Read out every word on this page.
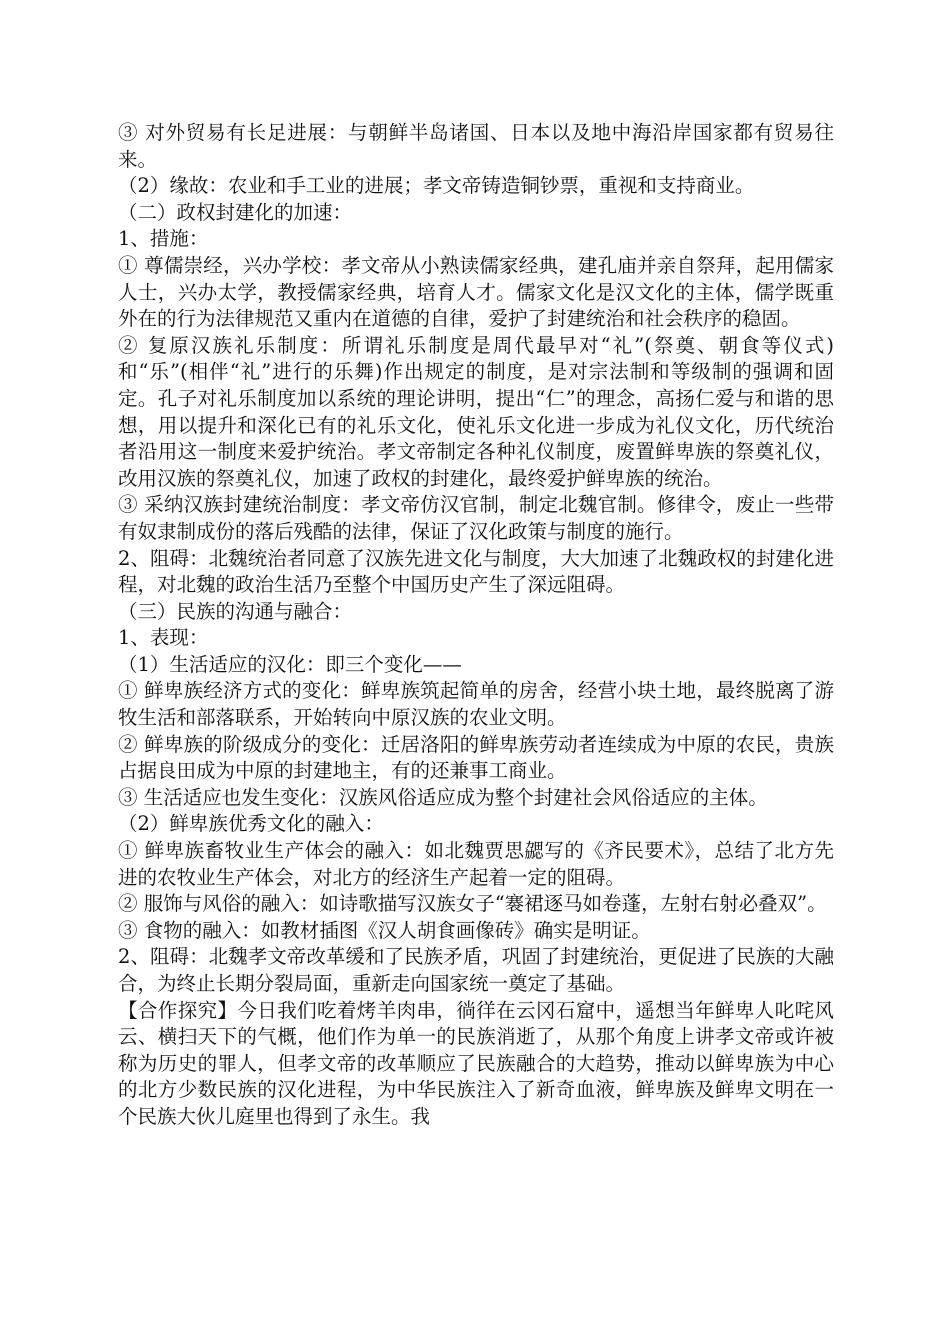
③ 对外贸易有长足进展：与朝鲜半岛诸国、日本以及地中海沿岸国家都有贸易往来。

（2）缘故：农业和手工业的进展；孝文帝铸造铜钞票，重视和支持商业。

（二）政权封建化的加速：

1、措施：

① 尊儒崇经，兴办学校：孝文帝从小熟读儒家经典，建孔庙并亲自祭拜，起用儒家人士，兴办太学，教授儒家经典，培育人才。儒家文化是汉文化的主体，儒学既重外在的行为法律规范又重内在道德的自律，爱护了封建统治和社会秩序的稳固。

② 复原汉族礼乐制度：所谓礼乐制度是周代最早对“礼”(祭奠、朝食等仪式)和“乐”(相伴“礼”进行的乐舞)作出规定的制度，是对宗法制和等级制的强调和固定。孔子对礼乐制度加以系统的理论讲明，提出“仁”的理念，高扬仁爱与和谐的思想，用以提升和深化已有的礼乐文化，使礼乐文化进一步成为礼仪文化，历代统治者沿用这一制度来爱护统治。孝文帝制定各种礼仪制度，废置鲜卑族的祭奠礼仪，改用汉族的祭奠礼仪，加速了政权的封建化，最终爱护鲜卑族的统治。

③ 采纳汉族封建统治制度：孝文帝仿汉官制，制定北魏官制。修律令，废止一些带有奴隶制成份的落后残酷的法律，保证了汉化政策与制度的施行。

2、阻碍：北魏统治者同意了汉族先进文化与制度，大大加速了北魏政权的封建化进程，对北魏的政治生活乃至整个中国历史产生了深远阻碍。

（三）民族的沟通与融合：

1、表现：

（1）生活适应的汉化：即三个变化——

① 鲜卑族经济方式的变化：鲜卑族筑起简单的房舍，经营小块土地，最终脱离了游牧生活和部落联系，开始转向中原汉族的农业文明。

② 鲜卑族的阶级成分的变化：迁居洛阳的鲜卑族劳动者连续成为中原的农民，贵族占据良田成为中原的封建地主，有的还兼事工商业。

③ 生活适应也发生变化：汉族风俗适应成为整个封建社会风俗适应的主体。

（2）鲜卑族优秀文化的融入：

① 鲜卑族畜牧业生产体会的融入：如北魏贾思勰写的《齐民要术》，总结了北方先进的农牧业生产体会，对北方的经济生产起着一定的阻碍。

② 服饰与风俗的融入：如诗歌描写汉族女子“褰裙逐马如卷蓬，左射右射必叠双”。

③ 食物的融入：如教材插图《汉人胡食画像砖》确实是明证。

2、阻碍：北魏孝文帝改革缓和了民族矛盾，巩固了封建统治，更促进了民族的大融合，为终止长期分裂局面，重新走向国家统一奠定了基础。

【合作探究】今日我们吃着烤羊肉串，徜徉在云冈石窟中，遥想当年鲜卑人叱咤风云、横扫天下的气概，他们作为单一的民族消逝了，从那个角度上讲孝文帝或许被称为历史的罪人，但孝文帝的改革顺应了民族融合的大趋势，推动以鲜卑族为中心的北方少数民族的汉化进程，为中华民族注入了新奇血液，鲜卑族及鲜卑文明在一个民族大伙儿庭里也得到了永生。我
